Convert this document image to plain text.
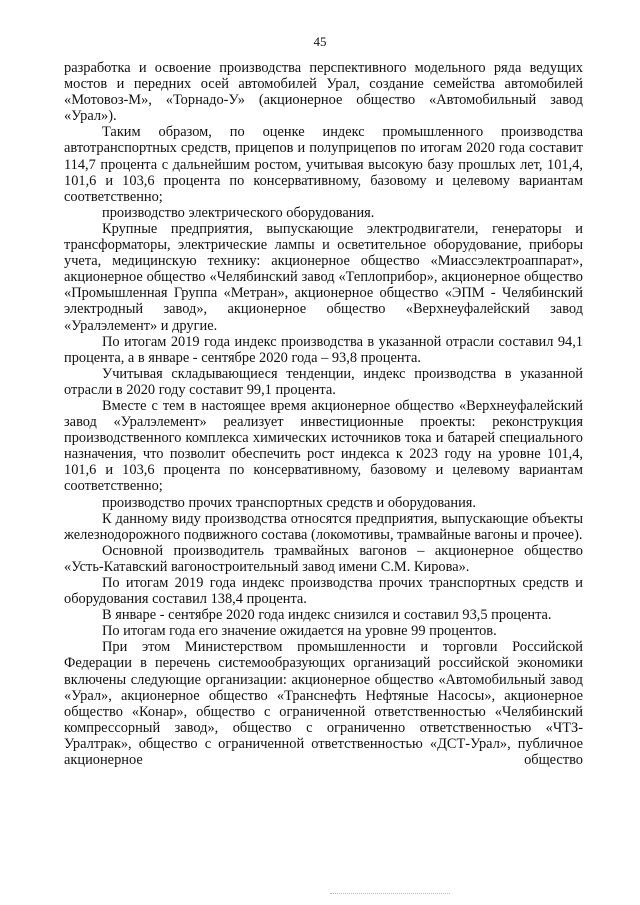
45

разработка и освоение производства перспективного модельного ряда ведущих мостов и передних осей автомобилей Урал, создание семейства автомобилей «Мотовоз-М», «Торнадо-У» (акционерное общество «Автомобильный завод «Урал»).

Таким образом, по оценке индекс промышленного производства автотранспортных средств, прицепов и полуприцепов по итогам 2020 года составит 114,7 процента с дальнейшим ростом, учитывая высокую базу прошлых лет, 101,4, 101,6 и 103,6 процента по консервативному, базовому и целевому вариантам соответственно;

производство электрического оборудования.

Крупные предприятия, выпускающие электродвигатели, генераторы и трансформаторы, электрические лампы и осветительное оборудование, приборы учета, медицинскую технику: акционерное общество «Миассэлектроаппарат», акционерное общество «Челябинский завод «Теплоприбор», акционерное общество «Промышленная Группа «Метран», акционерное общество «ЭПМ - Челябинский электродный завод», акционерное общество «Верхнеуфалейский завод «Уралэлемент» и другие.

По итогам 2019 года индекс производства в указанной отрасли составил 94,1 процента, а в январе - сентябре 2020 года – 93,8 процента.

Учитывая складывающиеся тенденции, индекс производства в указанной отрасли в 2020 году составит 99,1 процента.

Вместе с тем в настоящее время акционерное общество «Верхнеуфалейский завод «Уралэлемент» реализует инвестиционные проекты: реконструкция производственного комплекса химических источников тока и батарей специального назначения, что позволит обеспечить рост индекса к 2023 году на уровне 101,4, 101,6 и 103,6 процента по консервативному, базовому и целевому вариантам соответственно;

производство прочих транспортных средств и оборудования.

К данному виду производства относятся предприятия, выпускающие объекты железнодорожного подвижного состава (локомотивы, трамвайные вагоны и прочее).

Основной производитель трамвайных вагонов – акционерное общество «Усть-Катавский вагоностроительный завод имени С.М. Кирова».

По итогам 2019 года индекс производства прочих транспортных средств и оборудования составил 138,4 процента.

В январе - сентябре 2020 года индекс снизился и составил 93,5 процента.

По итогам года его значение ожидается на уровне 99 процентов.

При этом Министерством промышленности и торговли Российской Федерации в перечень системообразующих организаций российской экономики включены следующие организации: акционерное общество «Автомобильный завод «Урал», акционерное общество «Транснефть Нефтяные Насосы», акционерное общество «Конар», общество с ограниченной ответственностью «Челябинский компрессорный завод», общество с ограниченно ответственностью «ЧТЗ-Уралтрак», общество с ограниченной ответственностью «ДСТ-Урал», публичное акционерное общество
